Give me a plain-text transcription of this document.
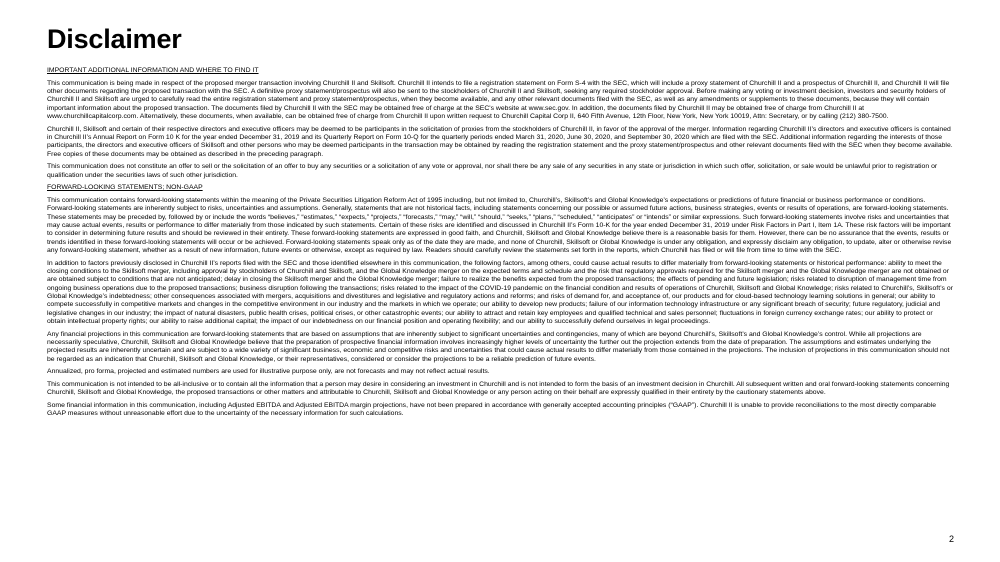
Disclaimer

IMPORTANT ADDITIONAL INFORMATION AND WHERE TO FIND IT

This communication is being made in respect of the proposed merger transaction involving Churchill II and Skillsoft. Churchill II intends to file a registration statement on Form S-4 with the SEC, which will include a proxy statement of Churchill II and a prospectus of Churchill II, and Churchill II will file other documents regarding the proposed transaction with the SEC. A definitive proxy statement/prospectus will also be sent to the stockholders of Churchill II and Skillsoft, seeking any required stockholder approval. Before making any voting or investment decision, investors and security holders of Churchill II and Skillsoft are urged to carefully read the entire registration statement and proxy statement/prospectus, when they become available, and any other relevant documents filed with the SEC, as well as any amendments or supplements to these documents, because they will contain important information about the proposed transaction. The documents filed by Churchill II with the SEC may be obtained free of charge at the SEC's website at www.sec.gov. In addition, the documents filed by Churchill II may be obtained free of charge from Churchill II at www.churchillcapitalcorp.com. Alternatively, these documents, when available, can be obtained free of charge from Churchill II upon written request to Churchill Capital Corp II, 640 Fifth Avenue, 12th Floor, New York, New York 10019, Attn: Secretary, or by calling (212) 380-7500.

Churchill II, Skillsoft and certain of their respective directors and executive officers may be deemed to be participants in the solicitation of proxies from the stockholders of Churchill II, in favor of the approval of the merger. Information regarding Churchill II’s directors and executive officers is contained in Churchill II’s Annual Report on Form 10 K for the year ended December 31, 2019 and its Quarterly Report on Form 10-Q for the quarterly periods ended March 31, 2020, June 30, 2020, and September 30, 2020 which are filed with the SEC. Additional information regarding the interests of those participants, the directors and executive officers of Skillsoft and other persons who may be deemed participants in the transaction may be obtained by reading the registration statement and the proxy statement/prospectus and other relevant documents filed with the SEC when they become available. Free copies of these documents may be obtained as described in the preceding paragraph.

This communication does not constitute an offer to sell or the solicitation of an offer to buy any securities or a solicitation of any vote or approval, nor shall there be any sale of any securities in any state or jurisdiction in which such offer, solicitation, or sale would be unlawful prior to registration or qualification under the securities laws of such other jurisdiction.

FORWARD-LOOKING STATEMENTS; NON-GAAP

This communication contains forward-looking statements within the meaning of the Private Securities Litigation Reform Act of 1995 including, but not limited to, Churchill’s, Skillsoft’s and Global Knowledge’s expectations or predictions of future financial or business performance or conditions. Forward-looking statements are inherently subject to risks, uncertainties and assumptions. Generally, statements that are not historical facts, including statements concerning our possible or assumed future actions, business strategies, events or results of operations, are forward-looking statements. These statements may be preceded by, followed by or include the words “believes,” “estimates,” “expects,” “projects,” “forecasts,” “may,” “will,” “should,” “seeks,” “plans,” “scheduled,” “anticipates” or “intends” or similar expressions. Such forward-looking statements involve risks and uncertainties that may cause actual events, results or performance to differ materially from those indicated by such statements. Certain of these risks are identified and discussed in Churchill II’s Form 10-K for the year ended December 31, 2019 under Risk Factors in Part I, Item 1A. These risk factors will be important to consider in determining future results and should be reviewed in their entirety. These forward-looking statements are expressed in good faith, and Churchill, Skillsoft and Global Knowledge believe there is a reasonable basis for them. However, there can be no assurance that the events, results or trends identified in these forward-looking statements will occur or be achieved. Forward-looking statements speak only as of the date they are made, and none of Churchill, Skillsoft or Global Knowledge is under any obligation, and expressly disclaim any obligation, to update, alter or otherwise revise any forward-looking statement, whether as a result of new information, future events or otherwise, except as required by law. Readers should carefully review the statements set forth in the reports, which Churchill has filed or will file from time to time with the SEC.

In addition to factors previously disclosed in Churchill II’s reports filed with the SEC and those identified elsewhere in this communication, the following factors, among others, could cause actual results to differ materially from forward-looking statements or historical performance: ability to meet the closing conditions to the Skillsoft merger, including approval by stockholders of Churchill and Skillsoft, and the Global Knowledge merger on the expected terms and schedule and the risk that regulatory approvals required for the Skillsoft merger and the Global Knowledge merger are not obtained or are obtained subject to conditions that are not anticipated; delay in closing the Skillsoft merger and the Global Knowledge merger; failure to realize the benefits expected from the proposed transactions; the effects of pending and future legislation; risks related to disruption of management time from ongoing business operations due to the proposed transactions; business disruption following the transactions; risks related to the impact of the COVID-19 pandemic on the financial condition and results of operations of Churchill, Skillsoft and Global Knowledge; risks related to Churchill’s, Skillsoft’s or Global Knowledge’s indebtedness; other consequences associated with mergers, acquisitions and divestitures and legislative and regulatory actions and reforms; and risks of demand for, and acceptance of, our products and for cloud-based technology learning solutions in general; our ability to compete successfully in competitive markets and changes in the competitive environment in our industry and the markets in which we operate; our ability to develop new products; failure of our information technology infrastructure or any significant breach of security; future regulatory, judicial and legislative changes in our industry; the impact of natural disasters, public health crises, political crises, or other catastrophic events; our ability to attract and retain key employees and qualified technical and sales personnel; fluctuations in foreign currency exchange rates; our ability to protect or obtain intellectual property rights; our ability to raise additional capital; the impact of our indebtedness on our financial position and operating flexibility; and our ability to successfully defend ourselves in legal proceedings.

Any financial projections in this communication are forward-looking statements that are based on assumptions that are inherently subject to significant uncertainties and contingencies, many of which are beyond Churchill’s, Skillsoft’s and Global Knowledge’s control. While all projections are necessarily speculative, Churchill, Skillsoft and Global Knowledge believe that the preparation of prospective financial information involves increasingly higher levels of uncertainty the further out the projection extends from the date of preparation. The assumptions and estimates underlying the projected results are inherently uncertain and are subject to a wide variety of significant business, economic and competitive risks and uncertainties that could cause actual results to differ materially from those contained in the projections. The inclusion of projections in this communication should not be regarded as an indication that Churchill, Skillsoft and Global Knowledge, or their representatives, considered or consider the projections to be a reliable prediction of future events.

Annualized, pro forma, projected and estimated numbers are used for illustrative purpose only, are not forecasts and may not reflect actual results.

This communication is not intended to be all-inclusive or to contain all the information that a person may desire in considering an investment in Churchill and is not intended to form the basis of an investment decision in Churchill. All subsequent written and oral forward-looking statements concerning Churchill, Skillsoft and Global Knowledge, the proposed transactions or other matters and attributable to Churchill, Skillsoft and Global Knowledge or any person acting on their behalf are expressly qualified in their entirety by the cautionary statements above.

Some financial information in this communication, including Adjusted EBITDA and Adjusted EBITDA margin projections, have not been prepared in accordance with generally accepted accounting principles (“GAAP”). Churchill II is unable to provide reconciliations to the most directly comparable GAAP measures without unreasonable effort due to the uncertainty of the necessary information for such calculations.

2
